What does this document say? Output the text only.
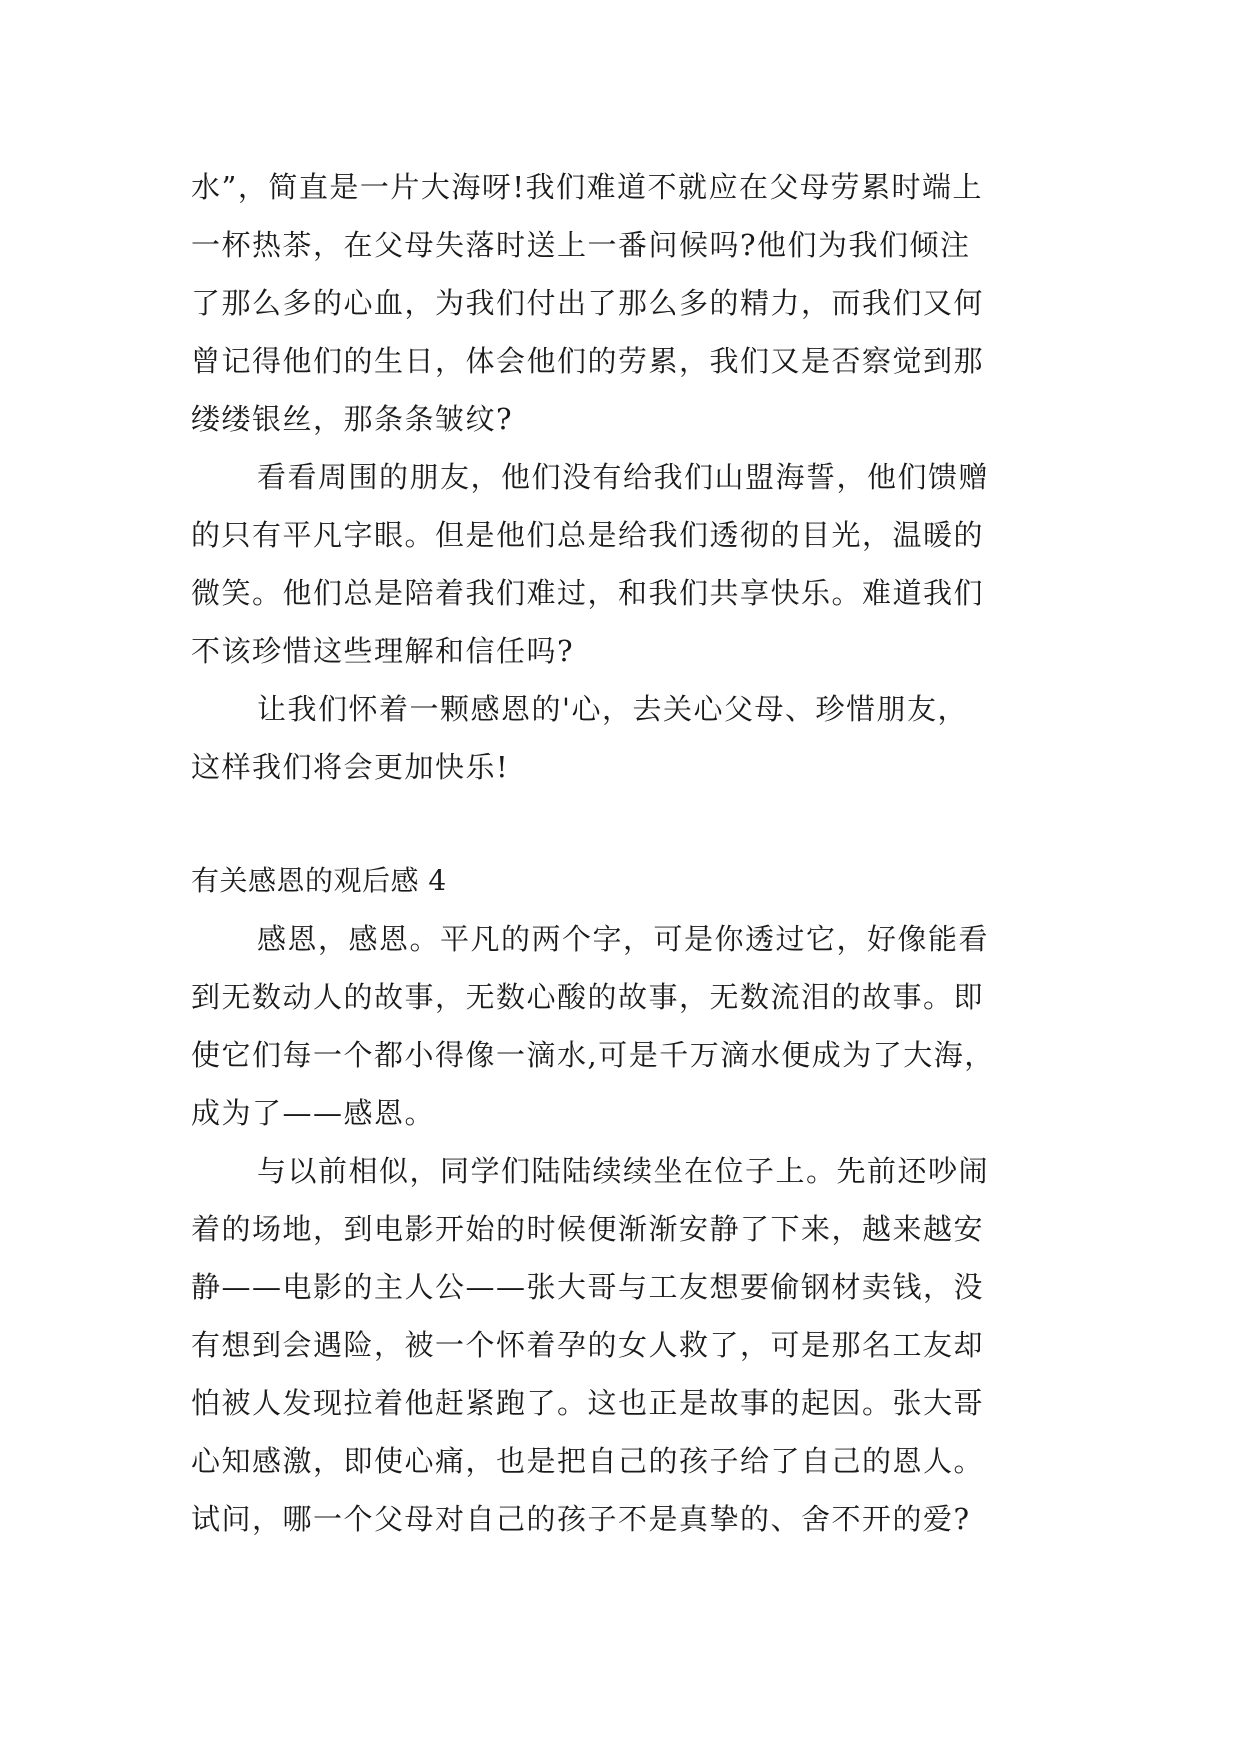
水”，简直是一片大海呀!我们难道不就应在父母劳累时端上
一杯热茶，在父母失落时送上一番问候吗?他们为我们倾注
了那么多的心血，为我们付出了那么多的精力，而我们又何
曾记得他们的生日，体会他们的劳累，我们又是否察觉到那
缕缕银丝，那条条皱纹?
看看周围的朋友，他们没有给我们山盟海誓，他们馈赠
的只有平凡字眼。但是他们总是给我们透彻的目光，温暖的
微笑。他们总是陪着我们难过，和我们共享快乐。难道我们
不该珍惜这些理解和信任吗?
让我们怀着一颗感恩的'心，去关心父母、珍惜朋友，
这样我们将会更加快乐!
有关感恩的观后感 4
感恩，感恩。平凡的两个字，可是你透过它，好像能看
到无数动人的故事，无数心酸的故事，无数流泪的故事。即
使它们每一个都小得像一滴水,可是千万滴水便成为了大海，
成为了——感恩。
与以前相似，同学们陆陆续续坐在位子上。先前还吵闹
着的场地，到电影开始的时候便渐渐安静了下来，越来越安
静——电影的主人公——张大哥与工友想要偷钢材卖钱，没
有想到会遇险，被一个怀着孕的女人救了，可是那名工友却
怕被人发现拉着他赶紧跑了。这也正是故事的起因。张大哥
心知感激，即使心痛，也是把自己的孩子给了自己的恩人。
试问，哪一个父母对自己的孩子不是真挚的、舍不开的爱?
